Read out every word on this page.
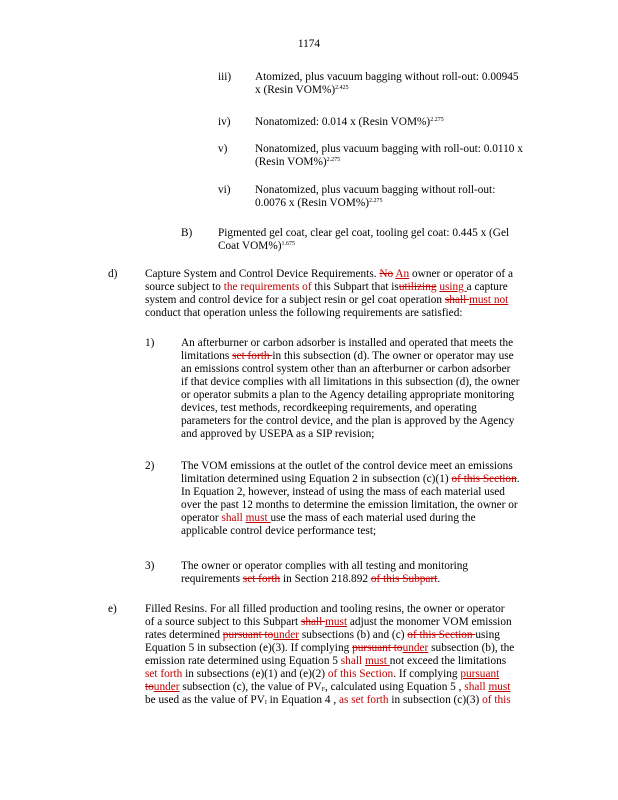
1174
iii) Atomized, plus vacuum bagging without roll-out: 0.00945
x (Resin VOM%)$^{2.425}$
iv) Nonatomized: 0.014 x (Resin VOM%)$^{2.275}$
v) Nonatomized, plus vacuum bagging with roll-out: 0.0110 x
(Resin VOM%)$^{2.275}$
vi) Nonatomized, plus vacuum bagging without roll-out:
0.0076 x (Resin VOM%)$^{2.275}$
B) Pigmented gel coat, clear gel coat, tooling gel coat: 0.445 x (Gel
Coat VOM%)$^{1.675}$
d) Capture System and Control Device Requirements. No An owner or operator of a
source subject to the requirements of this Subpart that isutilizing using a capture
system and control device for a subject resin or gel coat operation shall must not
conduct that operation unless the following requirements are satisfied:
1) An afterburner or carbon adsorber is installed and operated that meets the
limitations set forth in this subsection (d). The owner or operator may use
an emissions control system other than an afterburner or carbon adsorber
if that device complies with all limitations in this subsection (d), the owner
or operator submits a plan to the Agency detailing appropriate monitoring
devices, test methods, recordkeeping requirements, and operating
parameters for the control device, and the plan is approved by the Agency
and approved by USEPA as a SIP revision;
2) The VOM emissions at the outlet of the control device meet an emissions
limitation determined using Equation 2 in subsection (c)(1) of this Section.
In Equation 2, however, instead of using the mass of each material used
over the past 12 months to determine the emission limitation, the owner or
operator shall must use the mass of each material used during the
applicable control device performance test;
3) The owner or operator complies with all testing and monitoring
requirements set forth in Section 218.892 of this Subpart.
e) Filled Resins. For all filled production and tooling resins, the owner or operator
of a source subject to this Subpart shall must adjust the monomer VOM emission
rates determined pursuant tounder subsections (b) and (c) of this Section using
Equation 5 in subsection (e)(3). If complying pursuant tounder subsection (b), the
emission rate determined using Equation 5 shall must not exceed the limitations
set forth in subsections (e)(1) and (e)(2) of this Section. If complying pursuant
tounder subsection (c), the value of $PV_F$, calculated using Equation 5 , shall must
be used as the value of $PV_I$ in Equation 4 , as set forth in subsection (c)(3) of this
